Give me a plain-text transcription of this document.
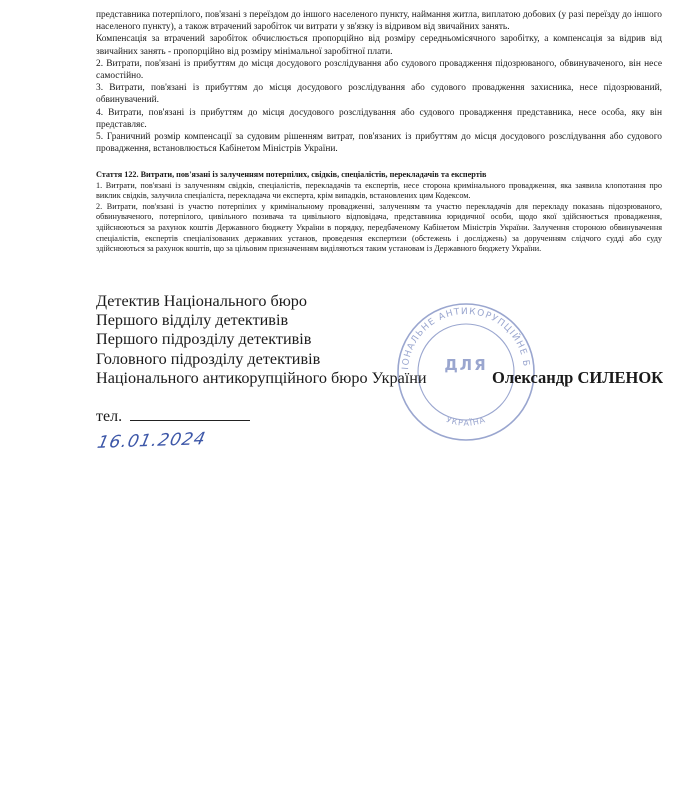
представника потерпілого, пов'язані з переїздом до іншого населеного пункту, наймання житла, виплатою добових (у разі переїзду до іншого населеного пункту), а також втрачений заробіток чи витрати у зв'язку із відривом від звичайних занять.

Компенсація за втрачений заробіток обчислюється пропорційно від розміру середньомісячного заробітку, а компенсація за відрив від звичайних занять - пропорційно від розміру мінімальної заробітної плати.

2. Витрати, пов'язані із прибуттям до місця досудового розслідування або судового провадження підозрюваного, обвинуваченого, він несе самостійно.

3. Витрати, пов'язані із прибуттям до місця досудового розслідування або судового провадження захисника, несе підозрюваний, обвинувачений.

4. Витрати, пов'язані із прибуттям до місця досудового розслідування або судового провадження представника, несе особа, яку він представляє.

5. Граничний розмір компенсації за судовим рішенням витрат, пов'язаних із прибуттям до місця досудового розслідування або судового провадження, встановлюється Кабінетом Міністрів України.

Стаття 122. Витрати, пов'язані із залученням потерпілих, свідків, спеціалістів, перекладачів та експертів

1. Витрати, пов'язані із залученням свідків, спеціалістів, перекладачів та експертів, несе сторона кримінального провадження, яка заявила клопотання про виклик свідків, залучила спеціаліста, перекладача чи експерта, крім випадків, встановлених цим Кодексом.

2. Витрати, пов'язані із участю потерпілих у кримінальному провадженні, залученням та участю перекладачів для перекладу показань підозрюваного, обвинуваченого, потерпілого, цивільного позивача та цивільного відповідача, представника юридичної особи, щодо якої здійснюється провадження, здійснюються за рахунок коштів Державного бюджету України в порядку, передбаченому Кабінетом Міністрів України. Залучення стороною обвинувачення спеціалістів, експертів спеціалізованих державних установ, проведення експертизи (обстежень і досліджень) за дорученням слідчого судді або суду здійснюються за рахунок коштів, що за цільовим призначенням виділяються таким установам із Державного бюджету України.

НАЦІОНАЛЬНЕ АНТИКОРУПЦІЙНЕ БЮРО
УКРАЇНА
ДЛЯ
Детектив Національного бюро
Першого відділу детективів
Першого підрозділу детективів
Головного підрозділу детективів
Національного антикорупційного бюро України	Олександр СИЛЕНОК
тел.
16.01.2024
